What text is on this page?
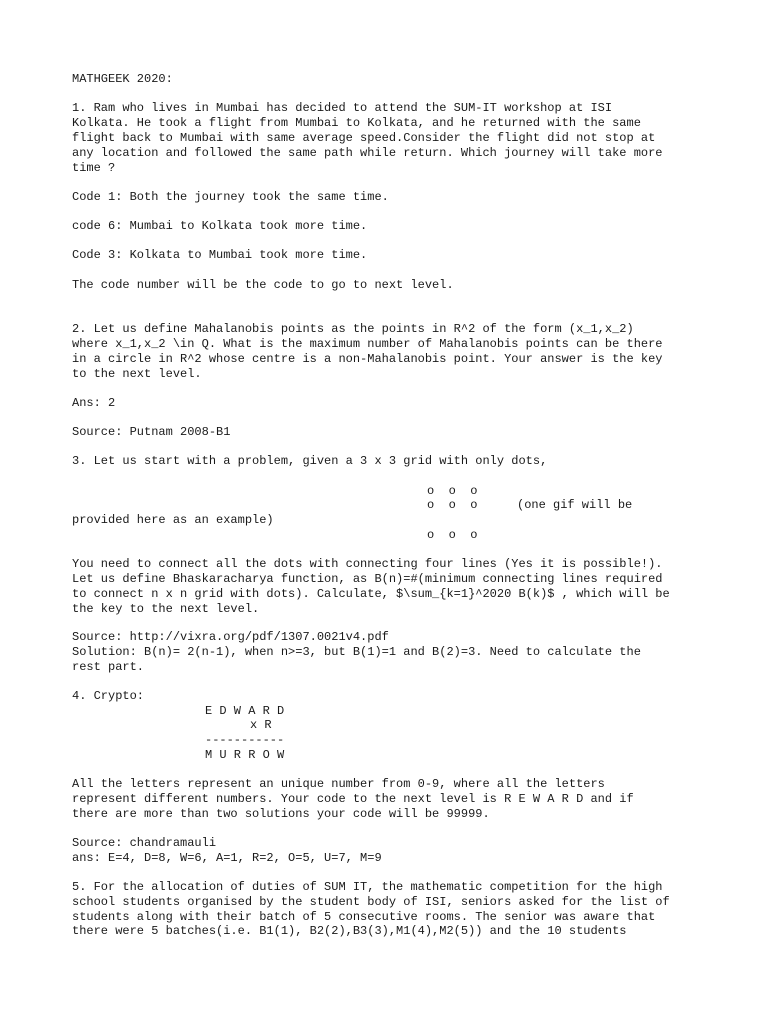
MATHGEEK 2020:
1. Ram who lives in Mumbai has decided to attend the SUM-IT workshop at ISI
Kolkata. He took a flight from Mumbai to Kolkata, and he returned with the same
flight back to Mumbai with same average speed.Consider the flight did not stop at
any location and followed the same path while return. Which journey will take more
time ?
Code 1: Both the journey took the same time.
code 6: Mumbai to Kolkata took more time.
Code 3: Kolkata to Mumbai took more time.
The code number will be the code to go to next level.
2. Let us define Mahalanobis points as the points in R^2 of the form (x_1,x_2)
where x_1,x_2 \in Q. What is the maximum number of Mahalanobis points can be there
in a circle in R^2 whose centre is a non-Mahalanobis point. Your answer is the key
to the next level.
Ans: 2
Source: Putnam 2008-B1
3. Let us start with a problem, given a 3 x 3 grid with only dots,
o  o  o
o  o  o	(one gif will be
provided here as an example)
o  o  o
You need to connect all the dots with connecting four lines (Yes it is possible!).
Let us define Bhaskaracharya function, as B(n)=#(minimum connecting lines required
to connect n x n grid with dots). Calculate, $\sum_{k=1}^2020 B(k)$ , which will be
the key to the next level.
Source: http://vixra.org/pdf/1307.0021v4.pdf
Solution: B(n)= 2(n-1), when n>=3, but B(1)=1 and B(2)=3. Need to calculate the
rest part.
4. Crypto:
E D W A R D
x R
-----------
M U R R O W
All the letters represent an unique number from 0-9, where all the letters
represent different numbers. Your code to the next level is R E W A R D and if
there are more than two solutions your code will be 99999.
Source: chandramauli
ans: E=4, D=8, W=6, A=1, R=2, O=5, U=7, M=9
5. For the allocation of duties of SUM IT, the mathematic competition for the high
school students organised by the student body of ISI, seniors asked for the list of
students along with their batch of 5 consecutive rooms. The senior was aware that
there were 5 batches(i.e. B1(1), B2(2),B3(3),M1(4),M2(5)) and the 10 students
